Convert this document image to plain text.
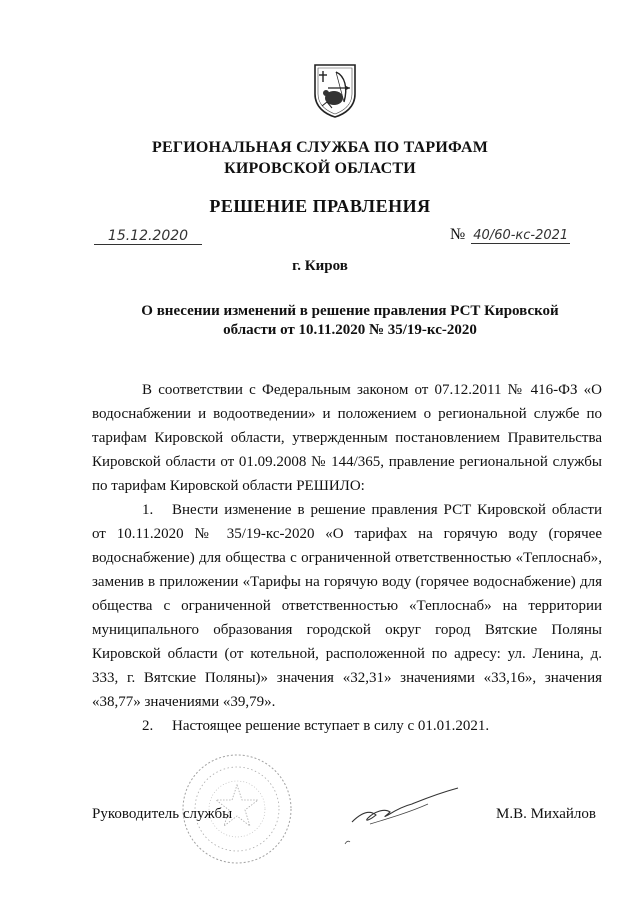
РЕГИОНАЛЬНАЯ СЛУЖБА ПО ТАРИФАМ
КИРОВСКОЙ ОБЛАСТИ
РЕШЕНИЕ ПРАВЛЕНИЯ
15.12.2020	№ 40/60-кс-2021
г. Киров
О внесении изменений в решение правления РСТ Кировской области от 10.11.2020 № 35/19-кс-2020

В соответствии с Федеральным законом от 07.12.2011 № 416-ФЗ «О водоснабжении и водоотведении» и положением о региональной службе по тарифам Кировской области, утвержденным постановлением Правительства Кировской области от 01.09.2008 № 144/365, правление региональной службы по тарифам Кировской области РЕШИЛО:

1. Внести изменение в решение правления РСТ Кировской области от 10.11.2020 № 35/19-кс-2020 «О тарифах на горячую воду (горячее водоснабжение) для общества с ограниченной ответственностью «Теплоснаб», заменив в приложении «Тарифы на горячую воду (горячее водоснабжение) для общества с ограниченной ответственностью «Теплоснаб» на территории муниципального образования городской округ город Вятские Поляны Кировской области (от котельной, расположенной по адресу: ул. Ленина, д. 333, г. Вятские Поляны)» значения «32,31» значениями «33,16», значения «38,77» значениями «39,79».

2. Настоящее решение вступает в силу с 01.01.2021.

Руководитель службы	М.В. Михайлов
